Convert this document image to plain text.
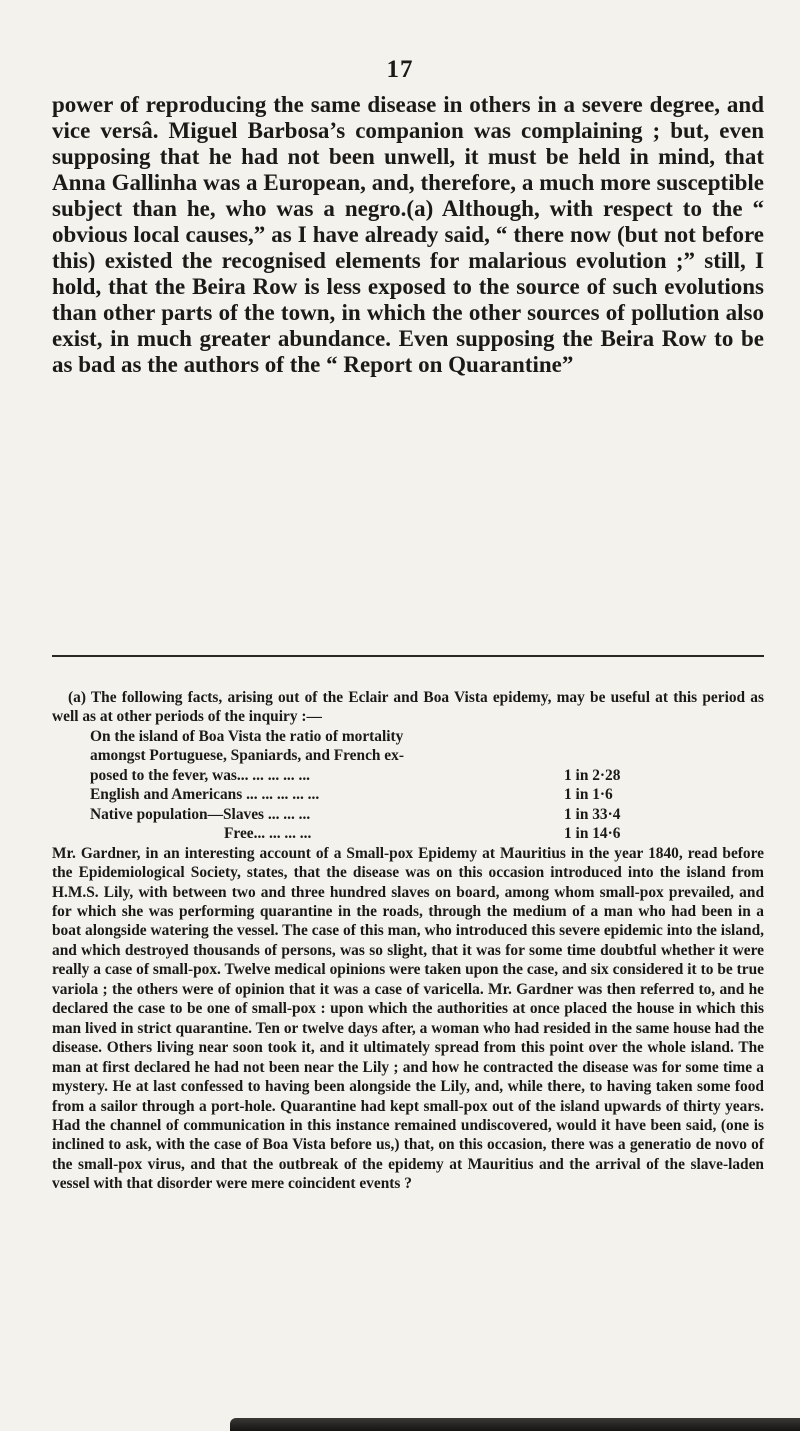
17
power of reproducing the same disease in others in a severe degree, and vice versâ. Miguel Barbosa’s companion was complaining ; but, even supposing that he had not been unwell, it must be held in mind, that Anna Gallinha was a European, and, therefore, a much more susceptible subject than he, who was a negro.(a) Although, with respect to the “ obvious local causes,” as I have already said, “ there now (but not before this) existed the recognised elements for malarious evolution ;” still, I hold, that the Beira Row is less exposed to the source of such evolutions than other parts of the town, in which the other sources of pollution also exist, in much greater abundance. Even supposing the Beira Row to be as bad as the authors of the “ Report on Quarantine”

(a) The following facts, arising out of the Eclair and Boa Vista epidemy, may be useful at this period as well as at other periods of the inquiry :—

On the island of Boa Vista the ratio of mortality
amongst Portuguese, Spaniards, and French ex-
posed to the fever, was... ... ... ... ...	1 in 2·28
English and Americans ... ... ... ... ...	1 in 1·6
Native population—Slaves ... ... ...	1 in 33·4
Free... ... ... ...	1 in 14·6

Mr. Gardner, in an interesting account of a Small-pox Epidemy at Mauritius in the year 1840, read before the Epidemiological Society, states, that the disease was on this occasion introduced into the island from H.M.S. Lily, with between two and three hundred slaves on board, among whom small-pox prevailed, and for which she was performing quarantine in the roads, through the medium of a man who had been in a boat alongside watering the vessel. The case of this man, who introduced this severe epidemic into the island, and which destroyed thousands of persons, was so slight, that it was for some time doubtful whether it were really a case of small-pox. Twelve medical opinions were taken upon the case, and six considered it to be true variola ; the others were of opinion that it was a case of varicella. Mr. Gardner was then referred to, and he declared the case to be one of small-pox : upon which the authorities at once placed the house in which this man lived in strict quarantine. Ten or twelve days after, a woman who had resided in the same house had the disease. Others living near soon took it, and it ultimately spread from this point over the whole island. The man at first declared he had not been near the Lily ; and how he contracted the disease was for some time a mystery. He at last confessed to having been alongside the Lily, and, while there, to having taken some food from a sailor through a port-hole. Quarantine had kept small-pox out of the island upwards of thirty years. Had the channel of communication in this instance remained undiscovered, would it have been said, (one is inclined to ask, with the case of Boa Vista before us,) that, on this occasion, there was a generatio de novo of the small-pox virus, and that the outbreak of the epidemy at Mauritius and the arrival of the slave-laden vessel with that disorder were mere coincident events ?
